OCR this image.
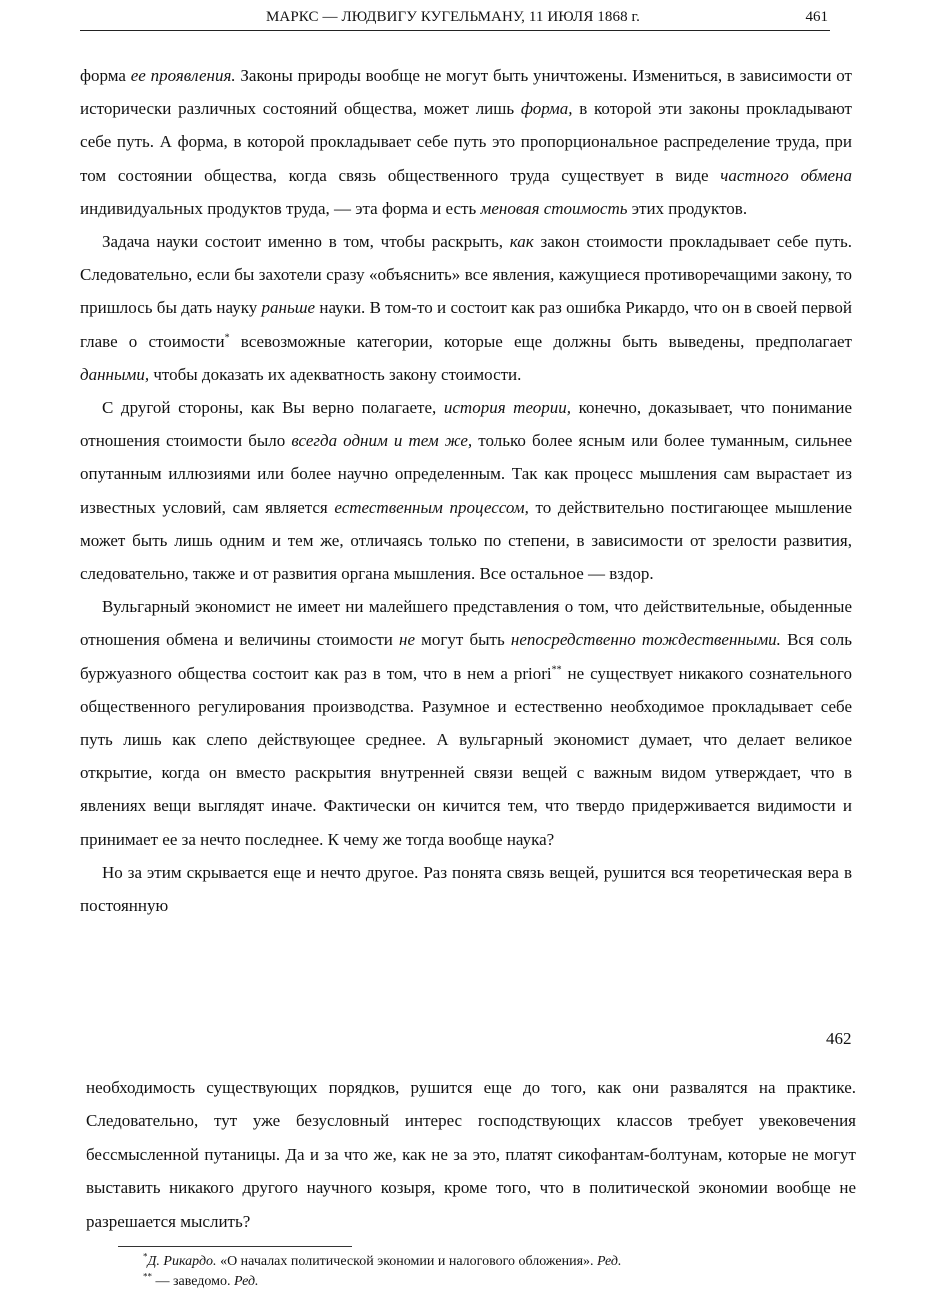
МАРКС — ЛЮДВИГУ КУГЕЛЬМАНУ, 11 ИЮЛЯ 1868 г.	461

форма ее проявления. Законы природы вообще не могут быть уничтожены. Измениться, в зависимости от исторически различных состояний общества, может лишь форма, в которой эти законы прокладывают себе путь. А форма, в которой прокладывает себе путь это пропорциональное распределение труда, при том состоянии общества, когда связь общественного труда существует в виде частного обмена индивидуальных продуктов труда, — эта форма и есть меновая стоимость этих продуктов.

Задача науки состоит именно в том, чтобы раскрыть, как закон стоимости прокладывает себе путь. Следовательно, если бы захотели сразу «объяснить» все явления, кажущиеся противоречащими закону, то пришлось бы дать науку раньше науки. В том-то и состоит как раз ошибка Рикардо, что он в своей первой главе о стоимости* всевозможные категории, которые еще должны быть выведены, предполагает данными, чтобы доказать их адекватность закону стоимости.

С другой стороны, как Вы верно полагаете, история теории, конечно, доказывает, что понимание отношения стоимости было всегда одним и тем же, только более ясным или более туманным, сильнее опутанным иллюзиями или более научно определенным. Так как процесс мышления сам вырастает из известных условий, сам является естественным процессом, то действительно постигающее мышление может быть лишь одним и тем же, отличаясь только по степени, в зависимости от зрелости развития, следовательно, также и от развития органа мышления. Все остальное — вздор.

Вульгарный экономист не имеет ни малейшего представления о том, что действительные, обыденные отношения обмена и величины стоимости не могут быть непосредственно тождественными. Вся соль буржуазного общества состоит как раз в том, что в нем a priori** не существует никакого сознательного общественного регулирования производства. Разумное и естественно необходимое прокладывает себе путь лишь как слепо действующее среднее. А вульгарный экономист думает, что делает великое открытие, когда он вместо раскрытия внутренней связи вещей с важным видом утверждает, что в явлениях вещи выглядят иначе. Фактически он кичится тем, что твердо придерживается видимости и принимает ее за нечто последнее. К чему же тогда вообще наука?

Но за этим скрывается еще и нечто другое. Раз понята связь вещей, рушится вся теоретическая вера в постоянную

462

необходимость существующих порядков, рушится еще до того, как они развалятся на практике. Следовательно, тут уже безусловный интерес господствующих классов требует увековечения бессмысленной путаницы. Да и за что же, как не за это, платят сикофантам-болтунам, которые не могут выставить никакого другого научного козыря, кроме того, что в политической экономии вообще не разрешается мыслить?

*Д. Рикардо. «О началах политической экономии и налогового обложения». Ред.

** — заведомо. Ред.
